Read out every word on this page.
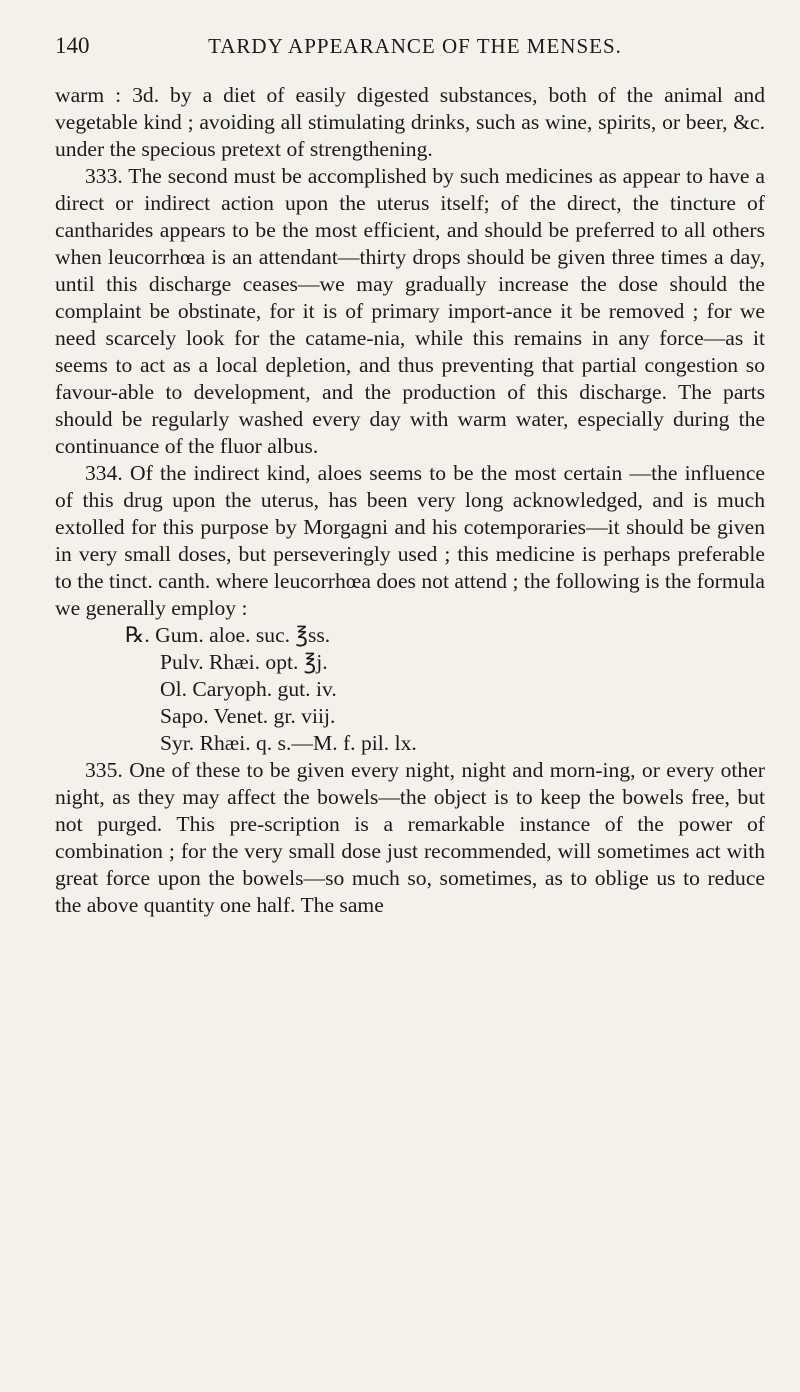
140	TARDY APPEARANCE OF THE MENSES.

warm : 3d. by a diet of easily digested substances, both of the animal and vegetable kind ; avoiding all stimulating drinks, such as wine, spirits, or beer, &c. under the specious pretext of strengthening.

333. The second must be accomplished by such medicines as appear to have a direct or indirect action upon the uterus itself; of the direct, the tincture of cantharides appears to be the most efficient, and should be preferred to all others when leucorrhœa is an attendant—thirty drops should be given three times a day, until this discharge ceases—we may gradually increase the dose should the complaint be obstinate, for it is of primary import-ance it be removed ; for we need scarcely look for the catame-nia, while this remains in any force—as it seems to act as a local depletion, and thus preventing that partial congestion so favour-able to development, and the production of this discharge. The parts should be regularly washed every day with warm water, especially during the continuance of the fluor albus.

334. Of the indirect kind, aloes seems to be the most certain —the influence of this drug upon the uterus, has been very long acknowledged, and is much extolled for this purpose by Morgagni and his cotemporaries—it should be given in very small doses, but perseveringly used ; this medicine is perhaps preferable to the tinct. canth. where leucorrhœa does not attend ; the following is the formula we generally employ :

℞. Gum. aloe. suc. ℥ss.
Pulv. Rhæi. opt. ℥j.
Ol. Caryoph. gut. iv.
Sapo. Venet. gr. viij.
Syr. Rhæi. q. s.—M. f. pil. lx.

335. One of these to be given every night, night and morn-ing, or every other night, as they may affect the bowels—the object is to keep the bowels free, but not purged. This pre-scription is a remarkable instance of the power of combination ; for the very small dose just recommended, will sometimes act with great force upon the bowels—so much so, sometimes, as to oblige us to reduce the above quantity one half. The same
